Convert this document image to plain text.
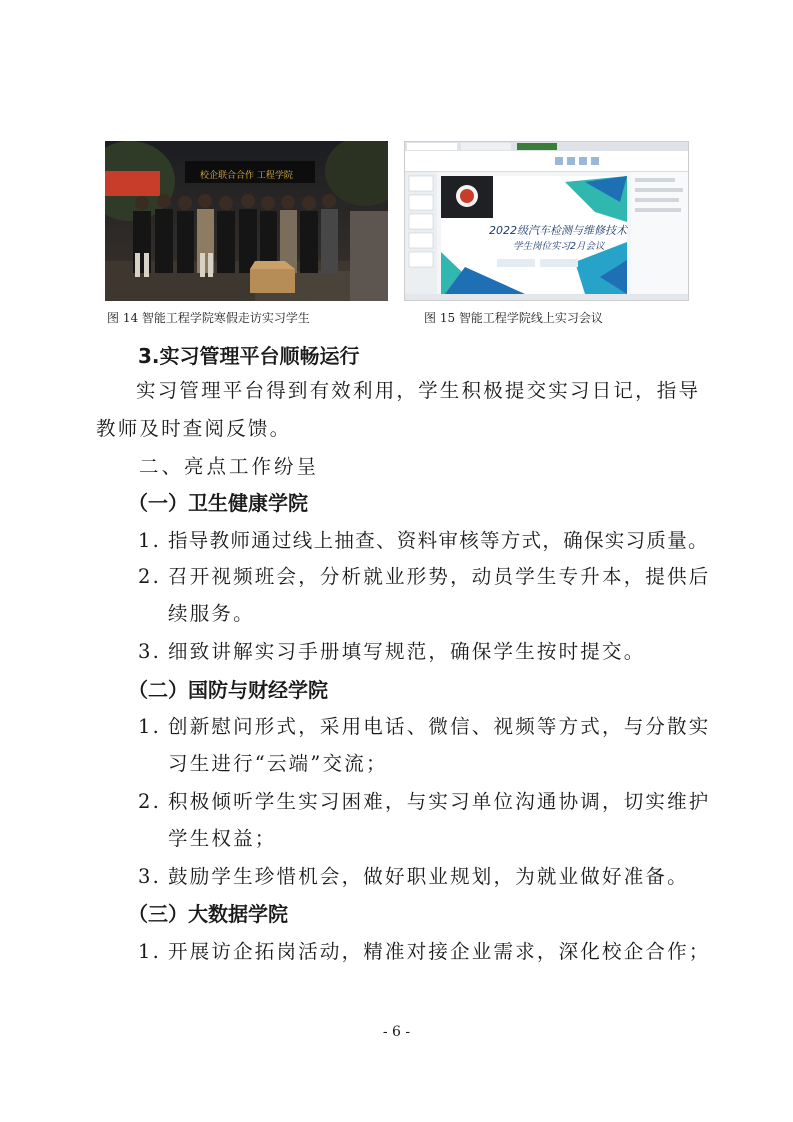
校企联合合作 工程学院
图 14 智能工程学院寒假走访实习学生
2022级汽车检测与维修技术
学生岗位实习2月会议
图 15 智能工程学院线上实习会议
3.实习管理平台顺畅运行
实习管理平台得到有效利用，学生积极提交实习日记，指导
教师及时查阅反馈。
二、亮点工作纷呈
（一）卫生健康学院
1. 指导教师通过线上抽查、资料审核等方式，确保实习质量。
2. 召开视频班会，分析就业形势，动员学生专升本，提供后
续服务。
3. 细致讲解实习手册填写规范，确保学生按时提交。
（二）国防与财经学院
1. 创新慰问形式，采用电话、微信、视频等方式，与分散实
习生进行“云端”交流；
2. 积极倾听学生实习困难，与实习单位沟通协调，切实维护
学生权益；
3. 鼓励学生珍惜机会，做好职业规划，为就业做好准备。
（三）大数据学院
1. 开展访企拓岗活动，精准对接企业需求，深化校企合作；
- 6 -
